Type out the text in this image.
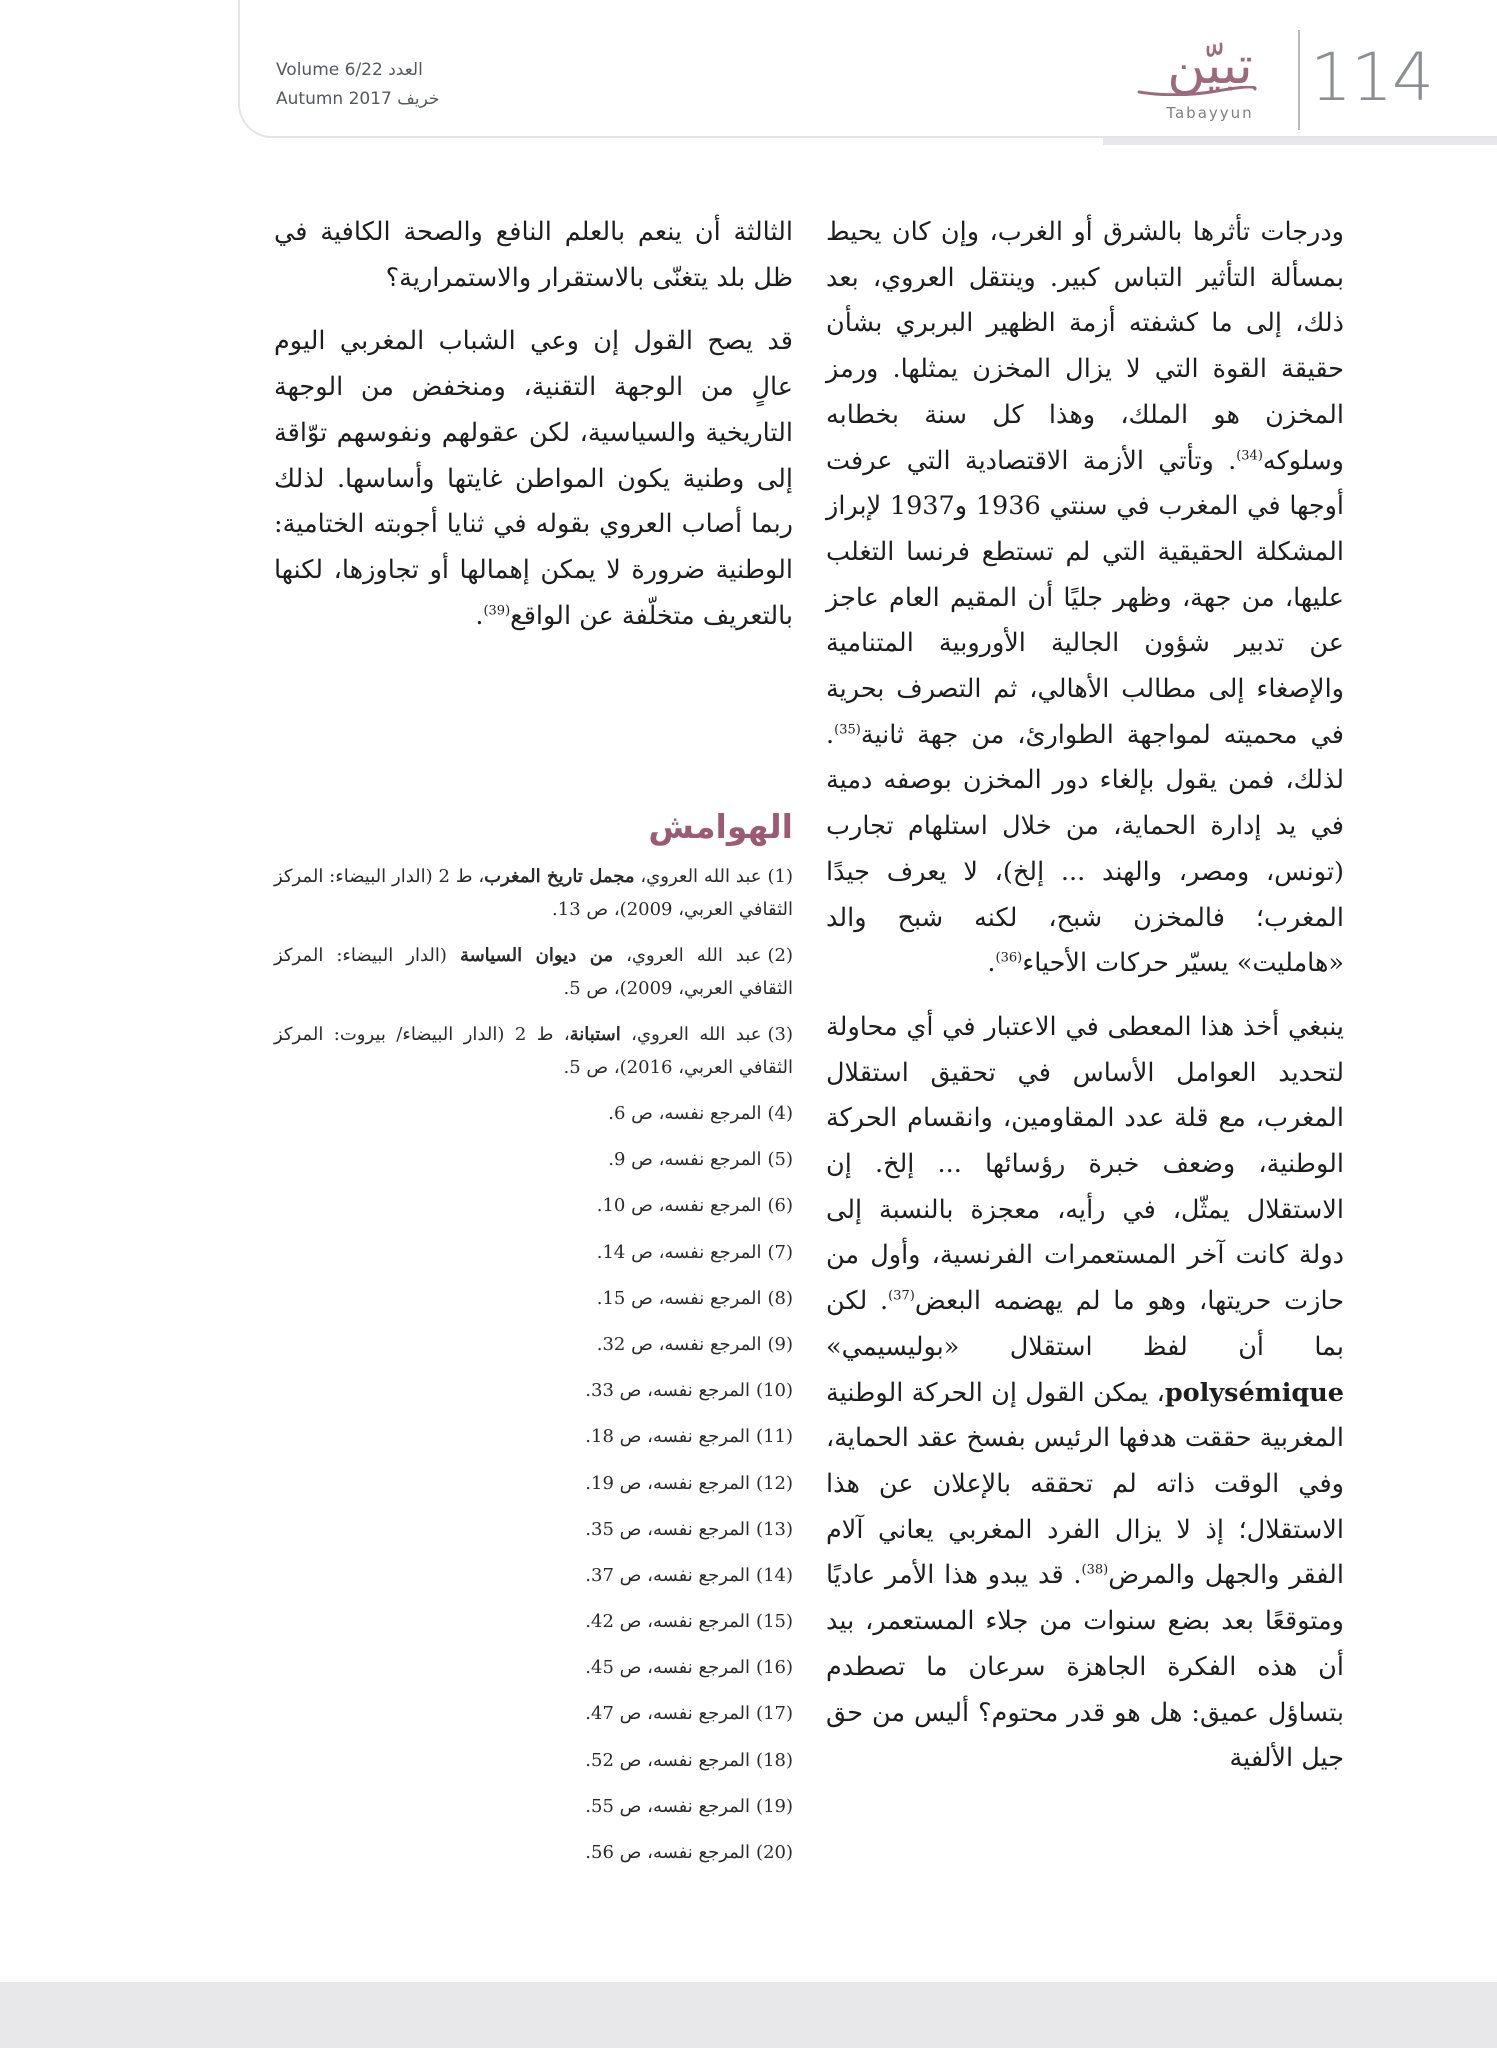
Volume 6/22 العدد
Autumn 2017 خريف
تبيّن
Tabayyun 114

ودرجات تأثرها بالشرق أو الغرب، وإن كان يحيط بمسألة التأثير التباس كبير. وينتقل العروي، بعد ذلك، إلى ما كشفته أزمة الظهير البربري بشأن حقيقة القوة التي لا يزال المخزن يمثلها. ورمز المخزن هو الملك، وهذا كل سنة بخطابه وسلوكه$^{(34)}$. وتأتي الأزمة الاقتصادية التي عرفت أوجها في المغرب في سنتي 1936 و1937 لإبراز المشكلة الحقيقية التي لم تستطع فرنسا التغلب عليها، من جهة، وظهر جليًا أن المقيم العام عاجز عن تدبير شؤون الجالية الأوروبية المتنامية والإصغاء إلى مطالب الأهالي، ثم التصرف بحرية في محميته لمواجهة الطوارئ، من جهة ثانية$^{(35)}$. لذلك، فمن يقول بإلغاء دور المخزن بوصفه دمية في يد إدارة الحماية، من خلال استلهام تجارب (تونس، ومصر، والهند ... إلخ)، لا يعرف جيدًا المغرب؛ فالمخزن شبح، لكنه شبح والد «هامليت» يسيّر حركات الأحياء$^{(36)}$.

ينبغي أخذ هذا المعطى في الاعتبار في أي محاولة لتحديد العوامل الأساس في تحقيق استقلال المغرب، مع قلة عدد المقاومين، وانقسام الحركة الوطنية، وضعف خبرة رؤسائها ... إلخ. إن الاستقلال يمثّل، في رأيه، معجزة بالنسبة إلى دولة كانت آخر المستعمرات الفرنسية، وأول من حازت حريتها، وهو ما لم يهضمه البعض$^{(37)}$. لكن بما أن لفظ استقلال «بوليسيمي» polysémique، يمكن القول إن الحركة الوطنية المغربية حققت هدفها الرئيس بفسخ عقد الحماية، وفي الوقت ذاته لم تحققه بالإعلان عن هذا الاستقلال؛ إذ لا يزال الفرد المغربي يعاني آلام الفقر والجهل والمرض$^{(38)}$. قد يبدو هذا الأمر عاديًا ومتوقعًا بعد بضع سنوات من جلاء المستعمر، بيد أن هذه الفكرة الجاهزة سرعان ما تصطدم بتساؤل عميق: هل هو قدر محتوم؟ أليس من حق جيل الألفية

الثالثة أن ينعم بالعلم النافع والصحة الكافية في ظل بلد يتغنّى بالاستقرار والاستمرارية؟

قد يصح القول إن وعي الشباب المغربي اليوم عالٍ من الوجهة التقنية، ومنخفض من الوجهة التاريخية والسياسية، لكن عقولهم ونفوسهم توّاقة إلى وطنية يكون المواطن غايتها وأساسها. لذلك ربما أصاب العروي بقوله في ثنايا أجوبته الختامية: الوطنية ضرورة لا يمكن إهمالها أو تجاوزها، لكنها بالتعريف متخلّفة عن الواقع$^{(39)}$.

الهوامش

(1)عبد الله العروي، مجمل تاريخ المغرب، ط 2 (الدار البيضاء: المركز الثقافي العربي، 2009)، ص 13.

(2)عبد الله العروي، من ديوان السياسة (الدار البيضاء: المركز الثقافي العربي، 2009)، ص 5.

(3)عبد الله العروي، استبانة، ط 2 (الدار البيضاء/ بيروت: المركز الثقافي العربي، 2016)، ص 5.

(4)المرجع نفسه، ص 6.

(5)المرجع نفسه، ص 9.

(6)المرجع نفسه، ص 10.

(7)المرجع نفسه، ص 14.

(8)المرجع نفسه، ص 15.

(9)المرجع نفسه، ص 32.

(10)المرجع نفسه، ص 33.

(11)المرجع نفسه، ص 18.

(12)المرجع نفسه، ص 19.

(13)المرجع نفسه، ص 35.

(14)المرجع نفسه، ص 37.

(15)المرجع نفسه، ص 42.

(16)المرجع نفسه، ص 45.

(17)المرجع نفسه، ص 47.

(18)المرجع نفسه، ص 52.

(19)المرجع نفسه، ص 55.

(20)المرجع نفسه، ص 56.
